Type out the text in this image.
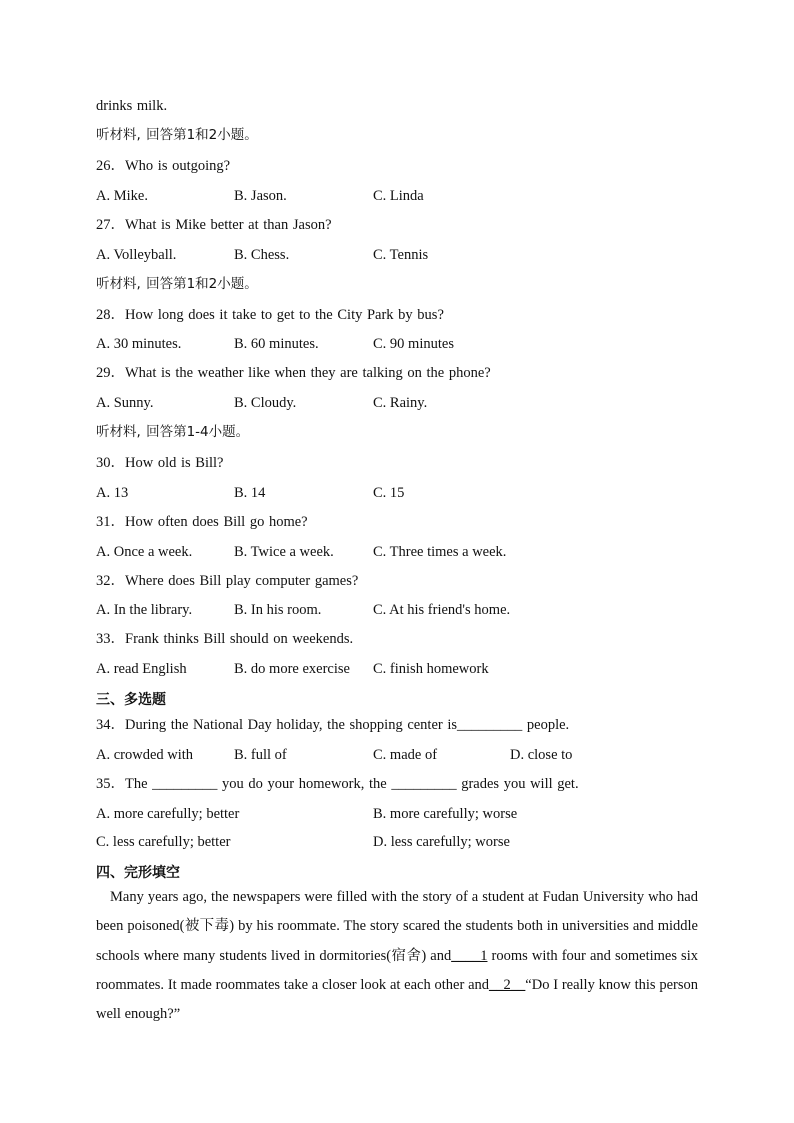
drinks milk.
听材料, 回答第1和2小题。
26．Who is outgoing?
A. Mike.	B. Jason.	C. Linda
27．What is Mike better at than Jason?
A. Volleyball.	B. Chess.	C. Tennis
听材料, 回答第1和2小题。
28．How long does it take to get to the City Park by bus?
A. 30 minutes.	B. 60 minutes.	C. 90 minutes
29．What is the weather like when they are talking on the phone?
A. Sunny.	B. Cloudy.	C. Rainy.
听材料, 回答第1-4小题。
30．How old is Bill?
A. 13	B. 14	C. 15
31．How often does Bill go home?
A. Once a week.	B. Twice a week.	C. Three times a week.
32．Where does Bill play computer games?
A. In the library.	B. In his room.	C. At his friend's home.
33．Frank thinks Bill should on weekends.
A. read English	B. do more exercise C. finish homework
三、多选题
34．During the National Day holiday, the shopping center is_________ people.
A. crowded with	B. full of	C. made of	D. close to
35．The _________ you do your homework, the _________ grades you will get.
A. more carefully; better	B. more carefully; worse
C. less carefully; better	D. less carefully; worse
四、完形填空
Many years ago, the newspapers were filled with the story of a student at Fudan University who had been poisoned(被下毒) by his roommate. The story scared the students both in universities and middle schools where many students lived in dormitories(宿舍) and____1 rooms with four and sometimes six roommates. It made roommates take a closer look at each other and__2__“Do I really know this person well enough?”
